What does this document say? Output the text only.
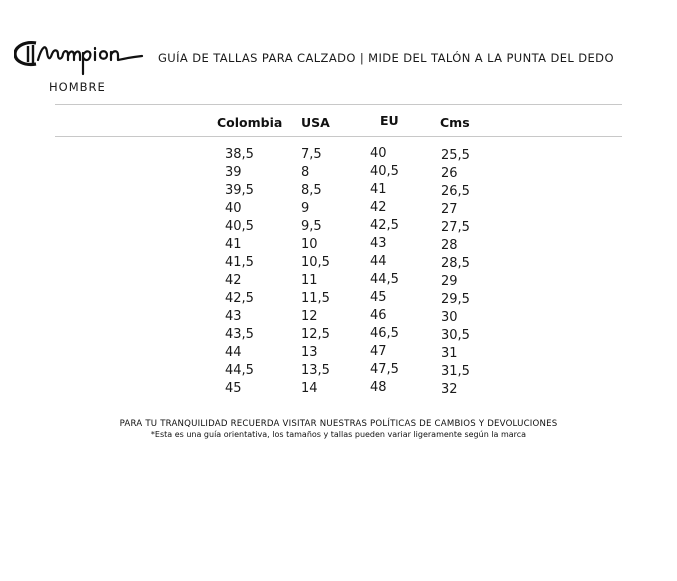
Champion
GUÍA DE TALLAS PARA CALZADO | MIDE DEL TALÓN A LA PUNTA DEL DEDO
HOMBRE
Colombia USA	EU	Cms
38,5
39
39,5
40
40,5
41
41,5
42
42,5
43
43,5
44
44,5
45
7,5
8
8,5
9
9,5
10
10,5
11
11,5
12
12,5
13
13,5
14
40
40,5
41
42
42,5
43
44
44,5
45
46
46,5
47
47,5
48
25,5
26
26,5
27
27,5
28
28,5
29
29,5
30
30,5
31
31,5
32
PARA TU TRANQUILIDAD RECUERDA VISITAR NUESTRAS POLÍTICAS DE CAMBIOS Y DEVOLUCIONES
*Esta es una guía orientativa, los tamaños y tallas pueden variar ligeramente según la marca
